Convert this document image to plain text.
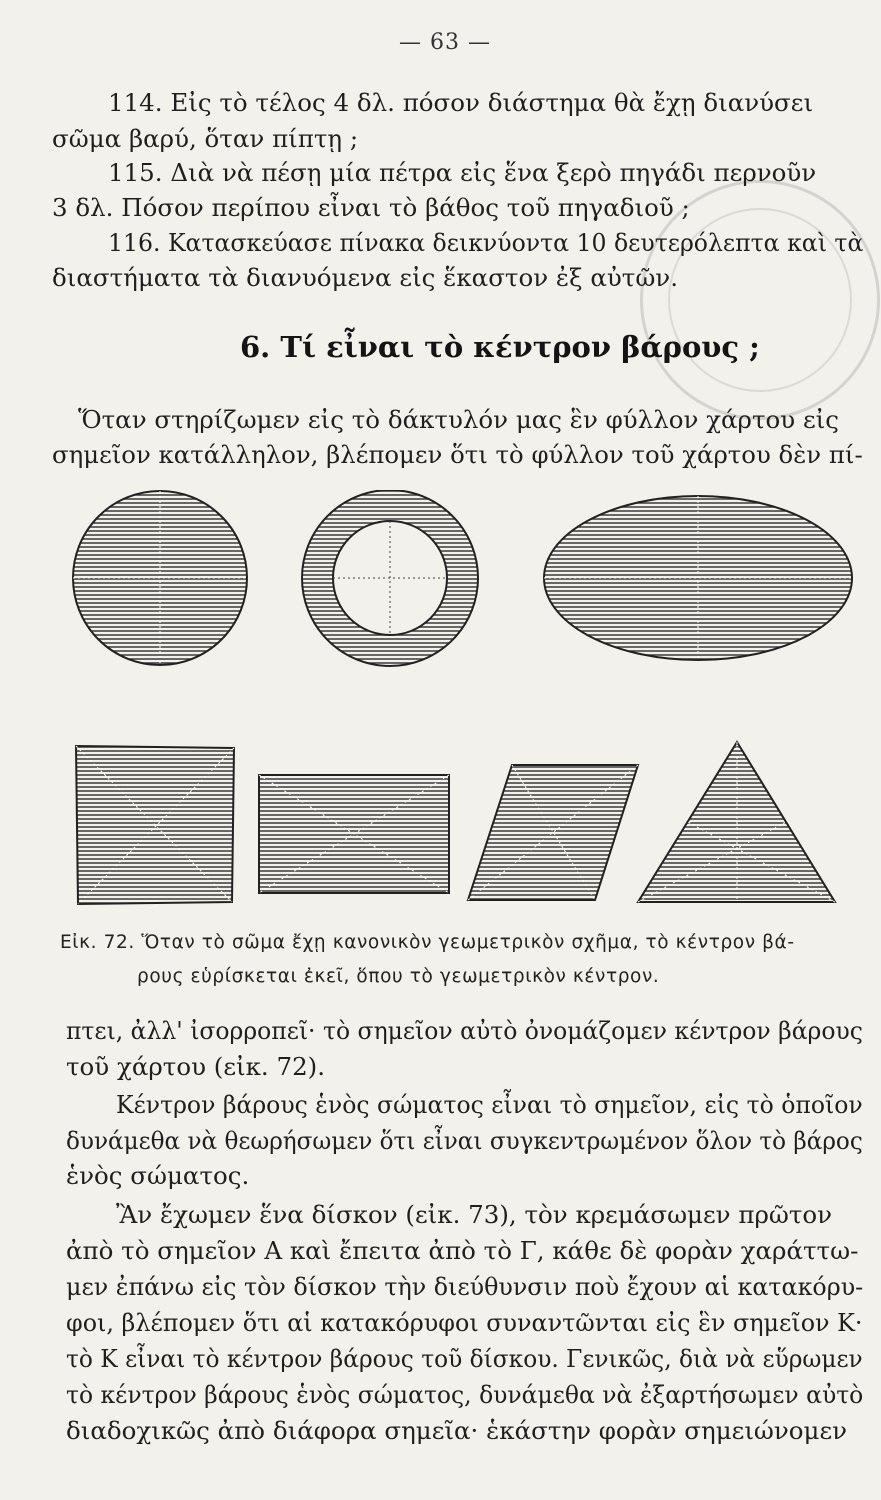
— 63 —
114. Εἰς τὸ τέλος 4 δλ. πόσον διάστημα θὰ ἔχῃ διανύσει
σῶμα βαρύ, ὅταν πίπτῃ ;
115. Διὰ νὰ πέσῃ μία πέτρα εἰς ἕνα ξερὸ πηγάδι περνοῦν
3 δλ. Πόσον περίπου εἶναι τὸ βάθος τοῦ πηγαδιοῦ ;
116. Κατασκεύασε πίνακα δεικνύοντα 10 δευτερόλεπτα καὶ τὰ
διαστήματα τὰ διανυόμενα εἰς ἕκαστον ἐξ αὐτῶν.
6. Τί εἶναι τὸ κέντρον βάρους ;
Ὅταν στηρίζωμεν εἰς τὸ δάκτυλόν μας ἓν φύλλον χάρτου εἰς
σημεῖον κατάλληλον, βλέπομεν ὅτι τὸ φύλλον τοῦ χάρτου δὲν πί-
Εἰκ. 72. Ὅταν τὸ σῶμα ἔχῃ κανονικὸν γεωμετρικὸν σχῆμα, τὸ κέντρον βά-
ρους εὑρίσκεται ἐκεῖ, ὅπου τὸ γεωμετρικὸν κέντρον.
πτει, ἀλλ' ἰσορροπεῖ· τὸ σημεῖον αὐτὸ ὀνομάζομεν κέντρον βάρους
τοῦ χάρτου (εἰκ. 72).
Κέντρον βάρους ἑνὸς σώματος εἶναι τὸ σημεῖον, εἰς τὸ ὁποῖον
δυνάμεθα νὰ θεωρήσωμεν ὅτι εἶναι συγκεντρωμένον ὅλον τὸ βάρος
ἑνὸς σώματος.
Ἂν ἔχωμεν ἕνα δίσκον (εἰκ. 73), τὸν κρεμάσωμεν πρῶτον
ἀπὸ τὸ σημεῖον Α καὶ ἔπειτα ἀπὸ τὸ Γ, κάθε δὲ φορὰν χαράττω-
μεν ἐπάνω εἰς τὸν δίσκον τὴν διεύθυνσιν ποὺ ἔχουν αἱ κατακόρυ-
φοι, βλέπομεν ὅτι αἱ κατακόρυφοι συναντῶνται εἰς ἓν σημεῖον Κ·
τὸ Κ εἶναι τὸ κέντρον βάρους τοῦ δίσκου. Γενικῶς, διὰ νὰ εὕρωμεν
τὸ κέντρον βάρους ἑνὸς σώματος, δυνάμεθα νὰ ἐξαρτήσωμεν αὐτὸ
διαδοχικῶς ἀπὸ διάφορα σημεῖα· ἑκάστην φορὰν σημειώνομεν
